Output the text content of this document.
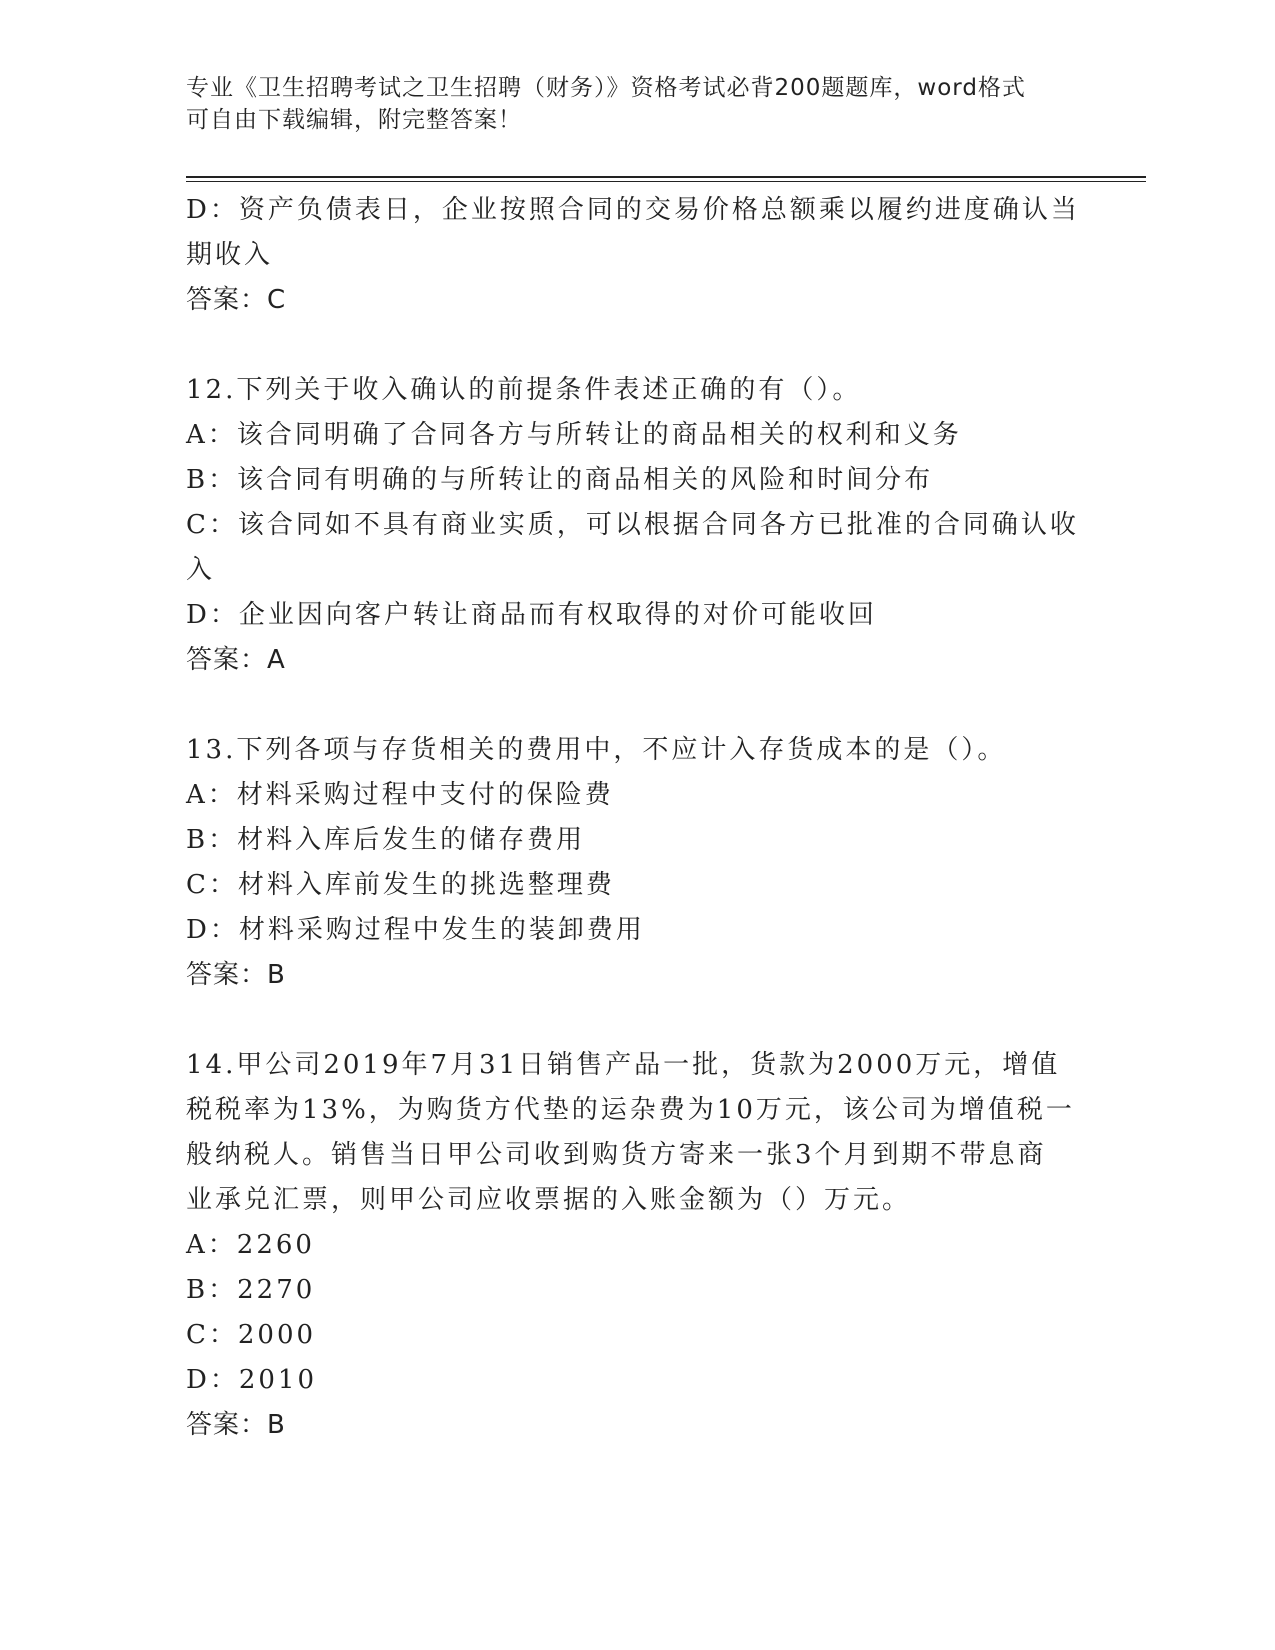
专业《卫生招聘考试之卫生招聘（财务）》资格考试必背200题题库，word格式
可自由下载编辑，附完整答案！
D：资产负债表日，企业按照合同的交易价格总额乘以履约进度确认当
期收入
答案：C
12.下列关于收入确认的前提条件表述正确的有（）。
A：该合同明确了合同各方与所转让的商品相关的权利和义务
B：该合同有明确的与所转让的商品相关的风险和时间分布
C：该合同如不具有商业实质，可以根据合同各方已批准的合同确认收
入
D：企业因向客户转让商品而有权取得的对价可能收回
答案：A
13.下列各项与存货相关的费用中，不应计入存货成本的是（）。
A：材料采购过程中支付的保险费
B：材料入库后发生的储存费用
C：材料入库前发生的挑选整理费
D：材料采购过程中发生的装卸费用
答案：B
14.甲公司2019年7月31日销售产品一批，货款为2000万元，增值
税税率为13%，为购货方代垫的运杂费为10万元，该公司为增值税一
般纳税人。销售当日甲公司收到购货方寄来一张3个月到期不带息商
业承兑汇票，则甲公司应收票据的入账金额为（）万元。
A：2260
B：2270
C：2000
D：2010
答案：B
